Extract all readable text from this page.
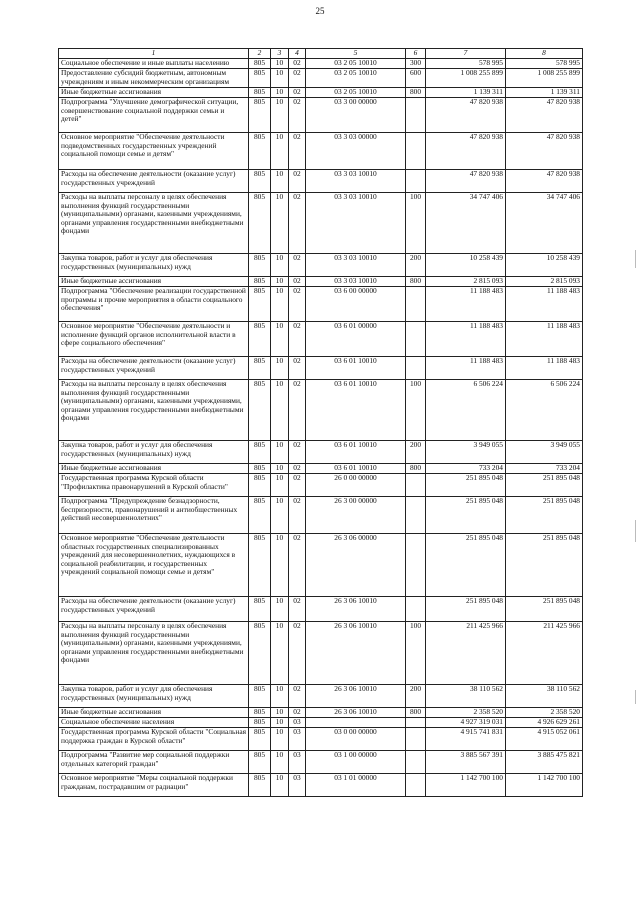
25
1	2	3	4	5	6	7	8
Социальное обеспечение и иные выплаты населению	805	10	02	03 2 05 10010	300	578 995	578 995
Предоставление субсидий бюджетным, автономным учреждениям и иным некоммерческим организациям	805	10	02	03 2 05 10010	600	1 008 255 899	1 008 255 899
Иные бюджетные ассигнования	805	10	02	03 2 05 10010	800	1 139 311	1 139 311
Подпрограмма "Улучшение демографической ситуации, совершенствование социальной поддержки семьи и детей"	805	10	02	03 3 00 00000		47 820 938	47 820 938
Основное мероприятие "Обеспечение деятельности подведомственных государственных учреждений социальной помощи семье и детям"	805	10	02	03 3 03 00000		47 820 938	47 820 938
Расходы на обеспечение деятельности (оказание услуг) государственных учреждений	805	10	02	03 3 03 10010		47 820 938	47 820 938
Расходы на выплаты персоналу в целях обеспечения выполнения функций государственными (муниципальными) органами, казенными учреждениями, органами управления государственными внебюджетными фондами	805	10	02	03 3 03 10010	100	34 747 406	34 747 406
Закупка товаров, работ и услуг для обеспечения государственных (муниципальных) нужд	805	10	02	03 3 03 10010	200	10 258 439	10 258 439
Иные бюджетные ассигнования	805	10	02	03 3 03 10010	800	2 815 093	2 815 093
Подпрограмма "Обеспечение реализации государственной программы и прочие мероприятия в области социального обеспечения"	805	10	02	03 6 00 00000		11 188 483	11 188 483
Основное мероприятие "Обеспечение деятельности и исполнение функций органов исполнительной власти в сфере социального обеспечения"	805	10	02	03 6 01 00000		11 188 483	11 188 483
Расходы на обеспечение деятельности (оказание услуг) государственных учреждений	805	10	02	03 6 01 10010		11 188 483	11 188 483
Расходы на выплаты персоналу в целях обеспечения выполнения функций государственными (муниципальными) органами, казенными учреждениями, органами управления государственными внебюджетными фондами	805	10	02	03 6 01 10010	100	6 506 224	6 506 224
Закупка товаров, работ и услуг для обеспечения государственных (муниципальных) нужд	805	10	02	03 6 01 10010	200	3 949 055	3 949 055
Иные бюджетные ассигнования	805	10	02	03 6 01 10010	800	733 204	733 204
Государственная программа Курской области "Профилактика правонарушений в Курской области"	805	10	02	26 0 00 00000		251 895 048	251 895 048
Подпрограмма "Предупреждение безнадзорности, беспризорности, правонарушений и антиобщественных действий несовершеннолетних"	805	10	02	26 3 00 00000		251 895 048	251 895 048
Основное мероприятие "Обеспечение деятельности областных государственных специализированных учреждений для несовершеннолетних, нуждающихся в социальной реабилитации, и государственных учреждений социальной помощи семье и детям"	805	10	02	26 3 06 00000		251 895 048	251 895 048
Расходы на обеспечение деятельности (оказание услуг) государственных учреждений	805	10	02	26 3 06 10010		251 895 048	251 895 048
Расходы на выплаты персоналу в целях обеспечения выполнения функций государственными (муниципальными) органами, казенными учреждениями, органами управления государственными внебюджетными фондами	805	10	02	26 3 06 10010	100	211 425 966	211 425 966
Закупка товаров, работ и услуг для обеспечения государственных (муниципальных) нужд	805	10	02	26 3 06 10010	200	38 110 562	38 110 562
Иные бюджетные ассигнования	805	10	02	26 3 06 10010	800	2 358 520	2 358 520
Социальное обеспечение населения	805	10	03			4 927 319 031	4 926 629 261
Государственная программа Курской области "Социальная поддержка граждан в Курской области"	805	10	03	03 0 00 00000		4 915 741 831	4 915 052 061
Подпрограмма "Развитие мер социальной поддержки отдельных категорий граждан"	805	10	03	03 1 00 00000		3 885 567 391	3 885 475 821
Основное мероприятие "Меры социальной поддержки гражданам, пострадавшим от радиации"	805	10	03	03 1 01 00000		1 142 700 100	1 142 700 100
